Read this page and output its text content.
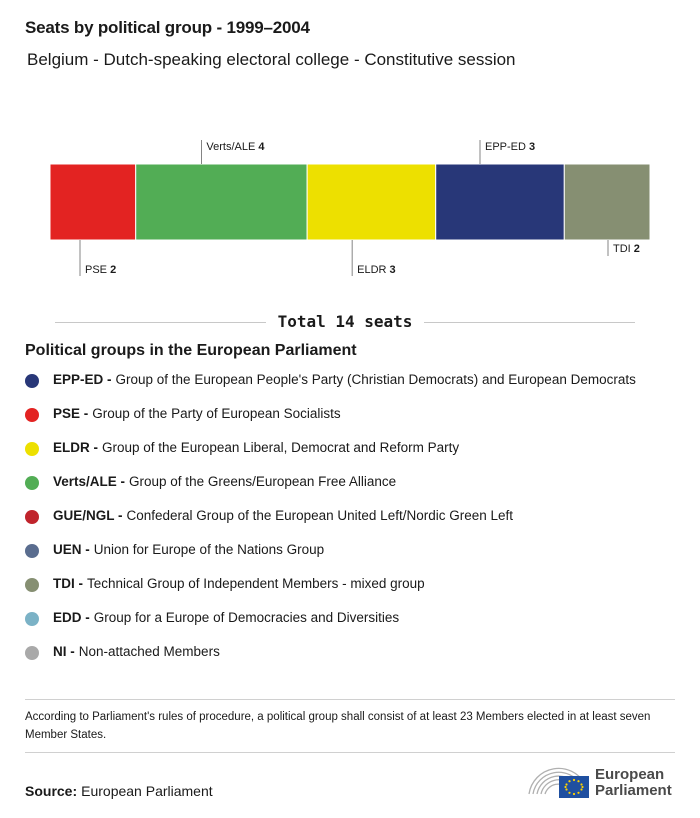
Seats by political group - 1999–2004
Belgium - Dutch-speaking electoral college - Constitutive session
PSE 2
Verts/ALE 4
ELDR 3
EPP-ED 3
TDI 2
Total 14 seats
Political groups in the European Parliament
EPP-ED - Group of the European People's Party (Christian Democrats) and European Democrats
PSE - Group of the Party of European Socialists
ELDR - Group of the European Liberal, Democrat and Reform Party
Verts/ALE - Group of the Greens/European Free Alliance
GUE/NGL - Confederal Group of the European United Left/Nordic Green Left
UEN - Union for Europe of the Nations Group
TDI - Technical Group of Independent Members - mixed group
EDD - Group for a Europe of Democracies and Diversities
NI - Non-attached Members
According to Parliament's rules of procedure, a political group shall consist of at least 23 Members elected in at least seven Member States.
Source: European Parliament
European
Parliament
